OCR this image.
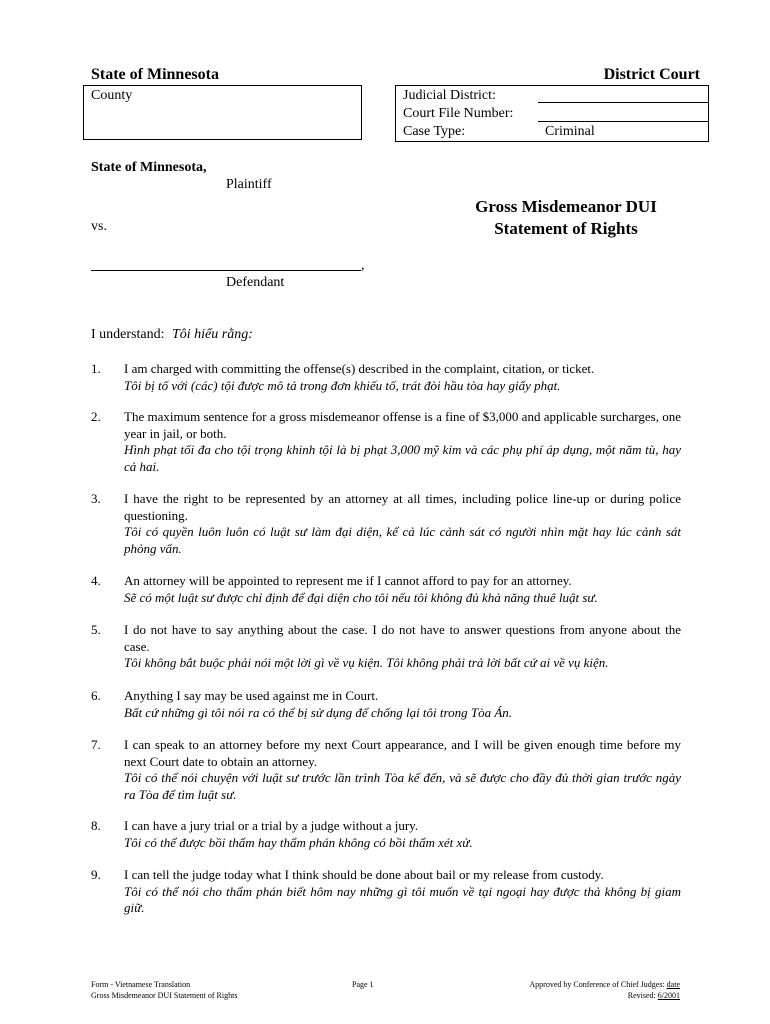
State of Minnesota	District Court
County	Judicial District:
Court File Number:
Case Type:	Criminal
State of Minnesota,
Plaintiff
vs.
,
Defendant
Gross Misdemeanor DUI
Statement of Rights
I understand: Tôi hiểu rằng:
1. I am charged with committing the offense(s) described in the complaint, citation, or ticket.
Tôi bị tố với (các) tội được mô tả trong đơn khiếu tố, trát đòi hầu tòa hay giấy phạt.
2. The maximum sentence for a gross misdemeanor offense is a fine of $3,000 and applicable surcharges, one year in jail, or both.
Hình phạt tối đa cho tội trọng khinh tội là bị phạt 3,000 mỹ kim và các phụ phí áp dụng, một năm tù, hay cả hai.
3. I have the right to be represented by an attorney at all times, including police line-up or during police questioning.
Tôi có quyền luôn luôn có luật sư làm đại diện, kể cả lúc cảnh sát có người nhìn mặt hay lúc cảnh sát phỏng vấn.
4. An attorney will be appointed to represent me if I cannot afford to pay for an attorney.
Sẽ có một luật sư được chỉ định để đại diện cho tôi nếu tôi không đủ khả năng thuê luật sư.
5. I do not have to say anything about the case. I do not have to answer questions from anyone about the case.
Tôi không bắt buộc phải nói một lời gì về vụ kiện. Tôi không phải trả lời bất cứ ai về vụ kiện.
6. Anything I say may be used against me in Court.
Bất cứ những gì tôi nói ra có thể bị sử dụng để chống lại tôi trong Tòa Án.
7. I can speak to an attorney before my next Court appearance, and I will be given enough time before my next Court date to obtain an attorney.
Tôi có thể nói chuyện với luật sư trước lần trình Tòa kế đến, và sẽ được cho đầy đủ thời gian trước ngày ra Tòa để tìm luật sư.
8. I can have a jury trial or a trial by a judge without a jury.
Tôi có thể được bồi thẩm hay thẩm phán không có bồi thẩm xét xử.
9. I can tell the judge today what I think should be done about bail or my release from custody.
Tôi có thể nói cho thẩm phán biết hôm nay những gì tôi muốn về tại ngoại hay được thả không bị giam giữ.
Form - Vietnamese Translation
Gross Misdemeanor DUI Statement of Rights
Page 1	Approved by Conference of Chief Judges: date
Revised: 6/2001
